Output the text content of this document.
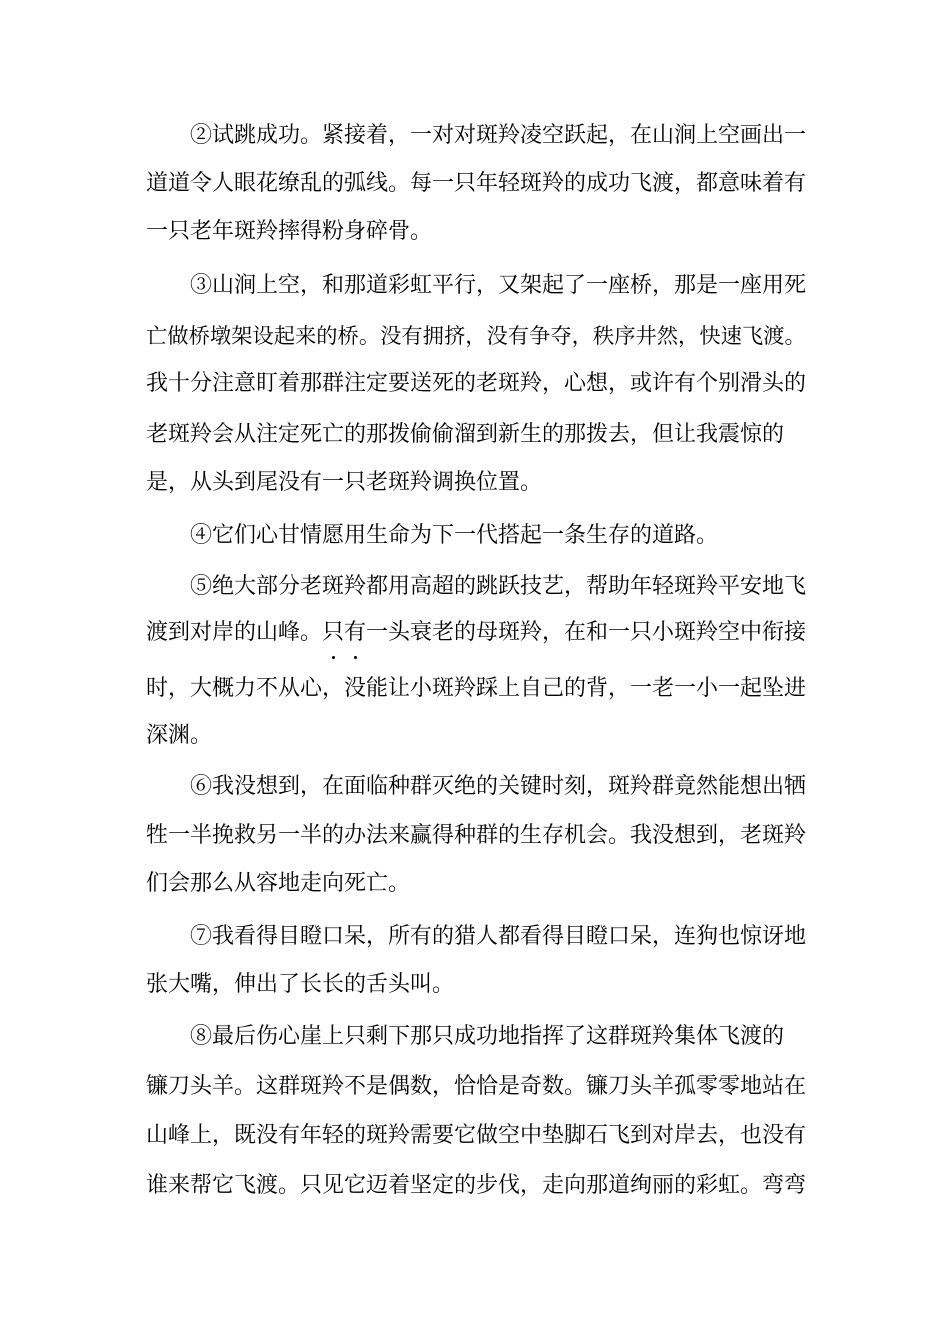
②试跳成功。紧接着，一对对斑羚凌空跃起，在山涧上空画出一
道道令人眼花缭乱的弧线。每一只年轻斑羚的成功飞渡，都意味着有
一只老年斑羚摔得粉身碎骨。
③山涧上空，和那道彩虹平行，又架起了一座桥，那是一座用死
亡做桥墩架设起来的桥。没有拥挤，没有争夺，秩序井然，快速飞渡。
我十分注意盯着那群注定要送死的老斑羚，心想，或许有个别滑头的
老斑羚会从注定死亡的那拨偷偷溜到新生的那拨去，但让我震惊的
是，从头到尾没有一只老斑羚调换位置。
④它们心甘情愿用生命为下一代搭起一条生存的道路。
⑤绝大部分老斑羚都用高超的跳跃技艺，帮助年轻斑羚平安地飞
渡到对岸的山峰。只有一头衰老的母斑羚，在和一只小斑羚空中衔接
时，大概力不从心，没能让小斑羚踩上自己的背，一老一小一起坠进
深渊。
⑥我没想到，在面临种群灭绝的关键时刻，斑羚群竟然能想出牺
牲一半挽救另一半的办法来赢得种群的生存机会。我没想到，老斑羚
们会那么从容地走向死亡。
⑦我看得目瞪口呆，所有的猎人都看得目瞪口呆，连狗也惊讶地
张大嘴，伸出了长长的舌头叫。
⑧最后伤心崖上只剩下那只成功地指挥了这群斑羚集体飞渡的
镰刀头羊。这群斑羚不是偶数，恰恰是奇数。镰刀头羊孤零零地站在
山峰上，既没有年轻的斑羚需要它做空中垫脚石飞到对岸去，也没有
谁来帮它飞渡。只见它迈着坚定的步伐，走向那道绚丽的彩虹。弯弯
